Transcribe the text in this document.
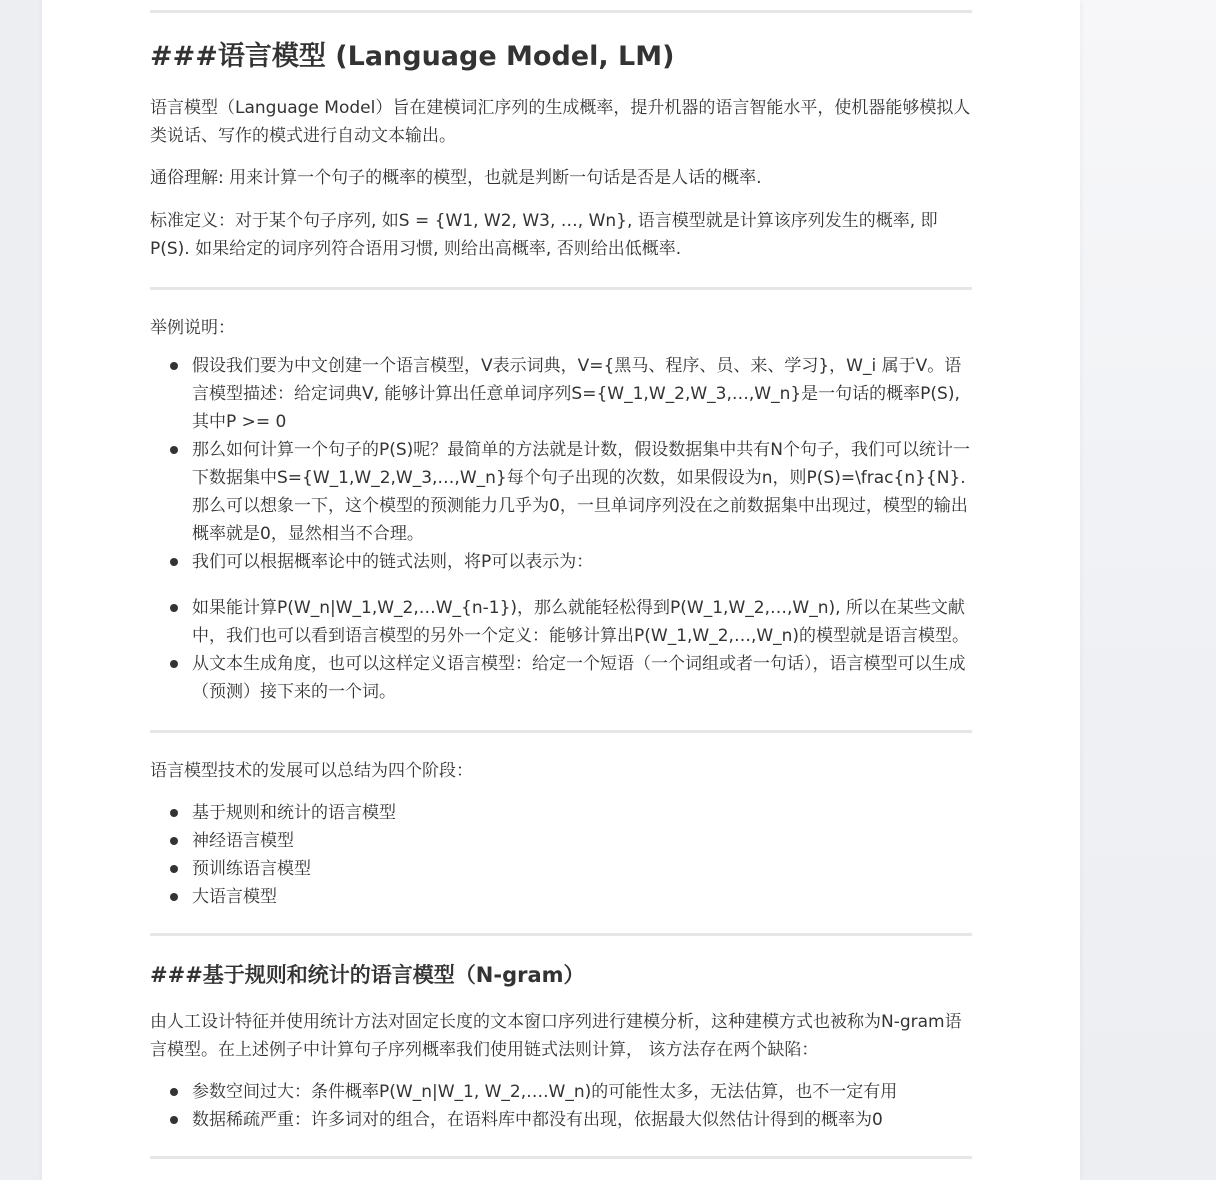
###语言模型 (Language Model, LM)

语言模型（Language Model）旨在建模词汇序列的生成概率，提升机器的语言智能水平，使机器能够模拟人类说话、写作的模式进行自动文本输出。

通俗理解: 用来计算一个句子的概率的模型，也就是判断一句话是否是人话的概率.

标准定义：对于某个句子序列, 如S = {W1, W2, W3, …, Wn}, 语言模型就是计算该序列发生的概率, 即P(S). 如果给定的词序列符合语用习惯, 则给出高概率, 否则给出低概率.

举例说明：

假设我们要为中文创建一个语言模型，V表示词典，V={黑马、程序、员、来、学习}，W_i 属于V。语言模型描述：给定词典V, 能够计算出任意单词序列S={W_1,W_2,W_3,…,W_n}是一句话的概率P(S), 其中P >= 0
那么如何计算一个句子的P(S)呢？最简单的方法就是计数，假设数据集中共有N个句子，我们可以统计一下数据集中S={W_1,W_2,W_3,…,W_n}每个句子出现的次数，如果假设为n，则P(S)=\frac{n}{N}. 那么可以想象一下，这个模型的预测能力几乎为0，一旦单词序列没在之前数据集中出现过，模型的输出概率就是0，显然相当不合理。
我们可以根据概率论中的链式法则，将P可以表示为：
如果能计算P(W_n|W_1,W_2,…W_{n-1})，那么就能轻松得到P(W_1,W_2,…,W_n), 所以在某些文献中，我们也可以看到语言模型的另外一个定义：能够计算出P(W_1,W_2,…,W_n)的模型就是语言模型。
从文本生成角度，也可以这样定义语言模型：给定一个短语（一个词组或者一句话），语言模型可以生成（预测）接下来的一个词。

语言模型技术的发展可以总结为四个阶段：

基于规则和统计的语言模型
神经语言模型
预训练语言模型
大语言模型
###基于规则和统计的语言模型（N-gram）

由人工设计特征并使用统计方法对固定长度的文本窗口序列进行建模分析，这种建模方式也被称为N-gram语言模型。在上述例子中计算句子序列概率我们使用链式法则计算， 该方法存在两个缺陷：

参数空间过大：条件概率P(W_n|W_1, W_2,….W_n)的可能性太多，无法估算，也不一定有用
数据稀疏严重：许多词对的组合，在语料库中都没有出现，依据最大似然估计得到的概率为0
